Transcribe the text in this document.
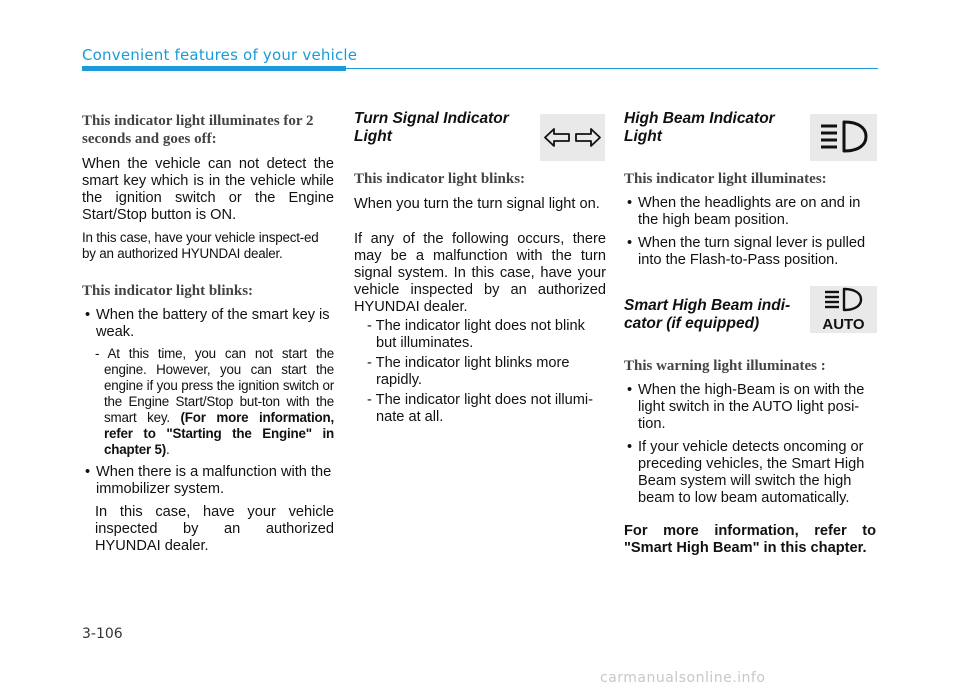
Convenient features of your vehicle

This indicator light illuminates for 2 seconds and goes off:

When the vehicle can not detect the smart key which is in the vehicle while the ignition switch or the Engine Start/Stop button is ON.

In this case, have your vehicle inspect-ed by an authorized HYUNDAI dealer.

This indicator light blinks:

• When the battery of the smart key is weak.
- At this time, you can not start the engine. However, you can start the engine if you press the ignition switch or the Engine Start/Stop but-ton with the smart key. (For more information, refer to "Starting the Engine" in chapter 5).
• When there is a malfunction with the immobilizer system.

In this case, have your vehicle inspected by an authorized HYUNDAI dealer.

Turn Signal Indicator Light

This indicator light blinks:

When you turn the turn signal light on.

If any of the following occurs, there may be a malfunction with the turn signal system. In this case, have your vehicle inspected by an authorized HYUNDAI dealer.

- The indicator light does not blink but illuminates.

- The indicator light blinks more rapidly.

- The indicator light does not illumi-nate at all.

High Beam Indicator Light

This indicator light illuminates:

• When the headlights are on and in the high beam position.
• When the turn signal lever is pulled into the Flash-to-Pass position.

Smart High Beam indi-cator (if equipped)

This warning light illuminates :

• When the high-Beam is on with the light switch in the AUTO light posi-tion.
• If your vehicle detects oncoming or preceding vehicles, the Smart High Beam system will switch the high beam to low beam automatically.

For more information, refer to "Smart High Beam" in this chapter.

AUTO
3-106
carmanualsonline.info
